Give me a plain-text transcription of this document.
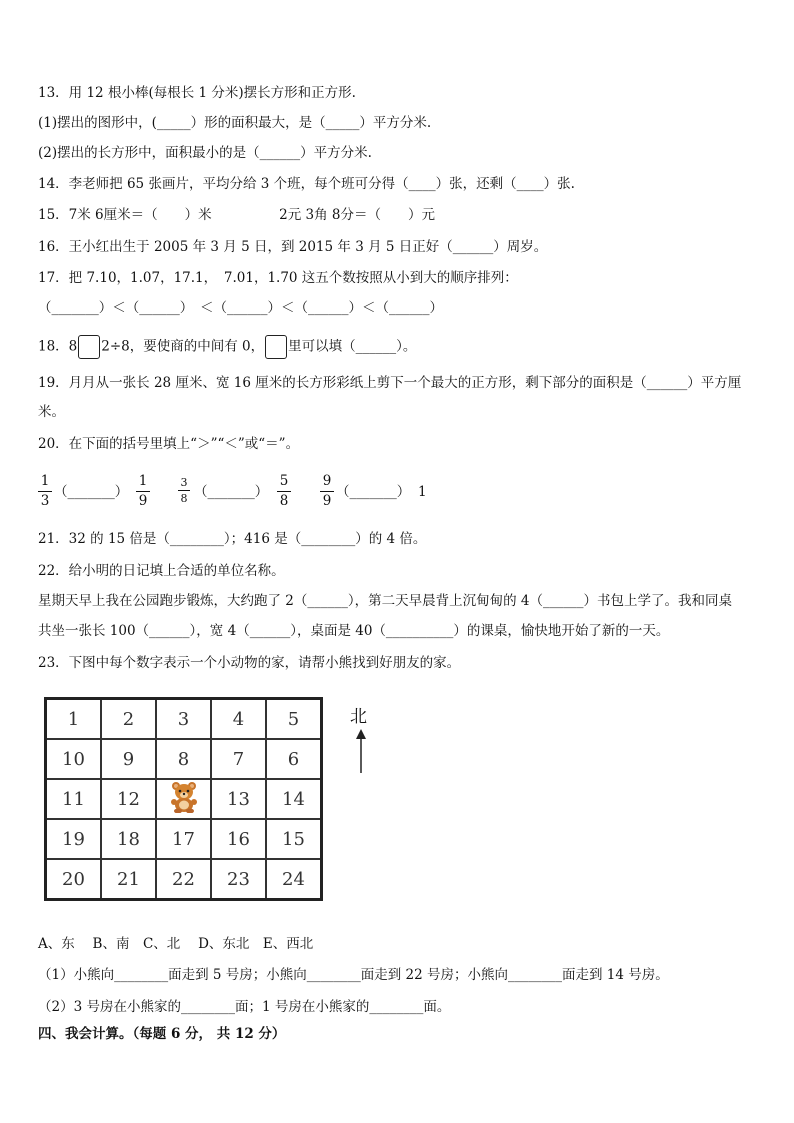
13．用 12 根小棒(每根长 1 分米)摆长方形和正方形.
(1)摆出的图形中，(_____）形的面积最大，是（_____）平方分米.
(2)摆出的长方形中，面积最小的是（______）平方分米.
14．李老师把 65 张画片，平均分给 3 个班，每个班可分得（____）张，还剩（____）张.
15．7米 6厘米＝（　　）米　　　　　2元 3角 8分＝（　　）元
16．王小红出生于 2005 年 3 月 5 日，到 2015 年 3 月 5 日正好（______）周岁。
17．把 7.10，1.07，17.1，　7.01，1.70 这五个数按照从小到大的顺序排列：
（_______）＜（______）　＜（______）＜（______）＜（______）
18．8 2÷8，要使商的中间有 0， 里可以填（______）。
19．月月从一张长 28 厘米、宽 16 厘米的长方形彩纸上剪下一个最大的正方形，剩下部分的面积是（______）平方厘
米。
20．在下面的括号里填上“＞”“＜”或“＝”。
1
3
（_______）
1
9
3
8 （_______）
5
8
9
9
（_______） 1
21．32 的 15 倍是（________）；416 是（________）的 4 倍。
22．给小明的日记填上合适的单位名称。
星期天早上我在公园跑步锻炼，大约跑了 2（______），第二天早晨背上沉甸甸的 4（______）书包上学了。我和同桌
共坐一张长 100（______），宽 4（______），桌面是 40（__________）的课桌，愉快地开始了新的一天。
23．下图中每个数字表示一个小动物的家，请帮小熊找到好朋友的家。
1	2	3	4	5
10	9	8	7	6
11	12		13	14
19	18	17	16	15
20	21	22	23	24
北
A、东　 B、南　C、北　 D、东北　E、西北
（1）小熊向________面走到 5 号房；小熊向________面走到 22 号房；小熊向________面走到 14 号房。
（2）3 号房在小熊家的________面；1 号房在小熊家的________面。
四、我会计算。（每题 6 分， 共 12 分）
